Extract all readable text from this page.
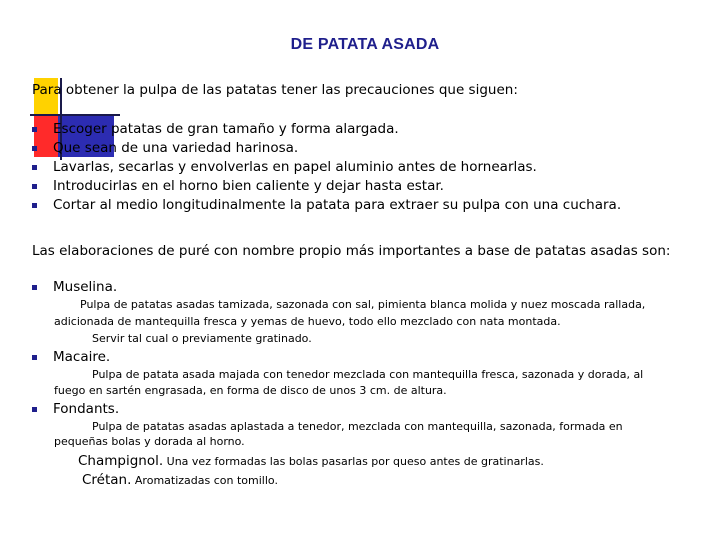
DE PATATA ASADA
Para obtener la pulpa de las patatas tener las precauciones que siguen:
Escoger patatas de gran tamaño y forma alargada.
Que sean de una variedad harinosa.
Lavarlas, secarlas y envolverlas en papel aluminio antes de hornearlas.
Introducirlas en el horno bien caliente y dejar hasta estar.
Cortar al medio longitudinalmente la patata para extraer su pulpa con una cuchara.
Las elaboraciones de puré con nombre propio más importantes a base de patatas asadas son:
Muselina.
Pulpa de patatas asadas tamizada, sazonada con sal, pimienta blanca molida y nuez moscada rallada,
adicionada de mantequilla fresca y yemas de huevo, todo ello mezclado con nata montada.
Servir tal cual o previamente gratinado.
Macaire.
Pulpa de patata asada majada con tenedor mezclada con mantequilla fresca, sazonada y dorada, al
fuego en sartén engrasada, en forma de disco de unos 3 cm. de altura.
Fondants.
Pulpa de patatas asadas aplastada a tenedor, mezclada con mantequilla, sazonada, formada en
pequeñas bolas y dorada al horno.
Champignol. Una vez formadas las bolas pasarlas por queso antes de gratinarlas.
Crétan. Aromatizadas con tomillo.
